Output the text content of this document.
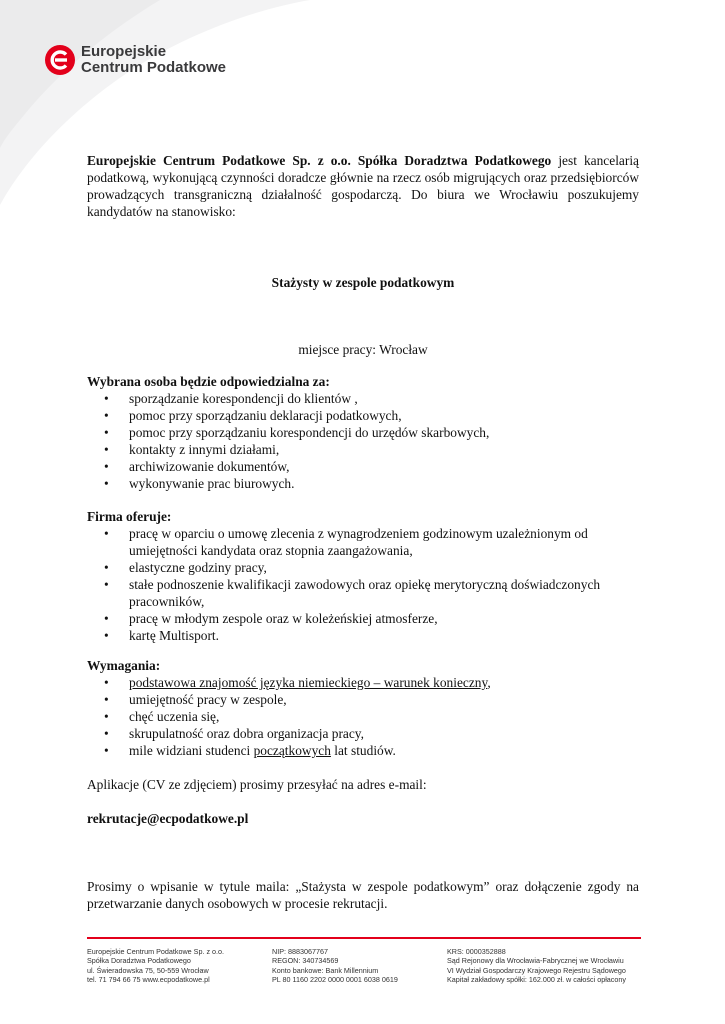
Europejskie
Centrum Podatkowe

Europejskie Centrum Podatkowe Sp. z o.o. Spółka Doradztwa Podatkowego jest kancelarią podatkową, wykonującą czynności doradcze głównie na rzecz osób migrujących oraz przedsiębiorców prowadzących transgraniczną działalność gospodarczą. Do biura we Wrocławiu poszukujemy kandydatów na stanowisko:

Stażysty w zespole podatkowym

miejsce pracy: Wrocław

Wybrana osoba będzie odpowiedzialna za:

• sporządzanie korespondencji do klientów ,
• pomoc przy sporządzaniu deklaracji podatkowych,
• pomoc przy sporządzaniu korespondencji do urzędów skarbowych,
• kontakty z innymi działami,
• archiwizowanie dokumentów,
• wykonywanie prac biurowych.

Firma oferuje:

• pracę w oparciu o umowę zlecenia z wynagrodzeniem godzinowym uzależnionym od umiejętności kandydata oraz stopnia zaangażowania,
• elastyczne godziny pracy,
• stałe podnoszenie kwalifikacji zawodowych oraz opiekę merytoryczną doświadczonych pracowników,
• pracę w młodym zespole oraz w koleżeńskiej atmosferze,
• kartę Multisport.

Wymagania:

• podstawowa znajomość języka niemieckiego – warunek konieczny,
• umiejętność pracy w zespole,
• chęć uczenia się,
• skrupulatność oraz dobra organizacja pracy,
• mile widziani studenci początkowych lat studiów.

Aplikacje (CV ze zdjęciem) prosimy przesyłać na adres e-mail:

rekrutacje@ecpodatkowe.pl

Prosimy o wpisanie w tytule maila: „Stażysta w zespole podatkowym” oraz dołączenie zgody na przetwarzanie danych osobowych w procesie rekrutacji.

Europejskie Centrum Podatkowe Sp. z o.o.
Spółka Doradztwa Podatkowego
ul. Świeradowska 75, 50-559 Wrocław
tel. 71 794 66 75 www.ecpodatkowe.pl
NIP: 8883067767
REGON: 340734569
Konto bankowe: Bank Millennium
PL 80 1160 2202 0000 0001 6038 0619
KRS: 0000352888
Sąd Rejonowy dla Wrocławia-Fabrycznej we Wrocławiu
VI Wydział Gospodarczy Krajowego Rejestru Sądowego
Kapitał zakładowy spółki: 162.000 zł. w całości opłacony
